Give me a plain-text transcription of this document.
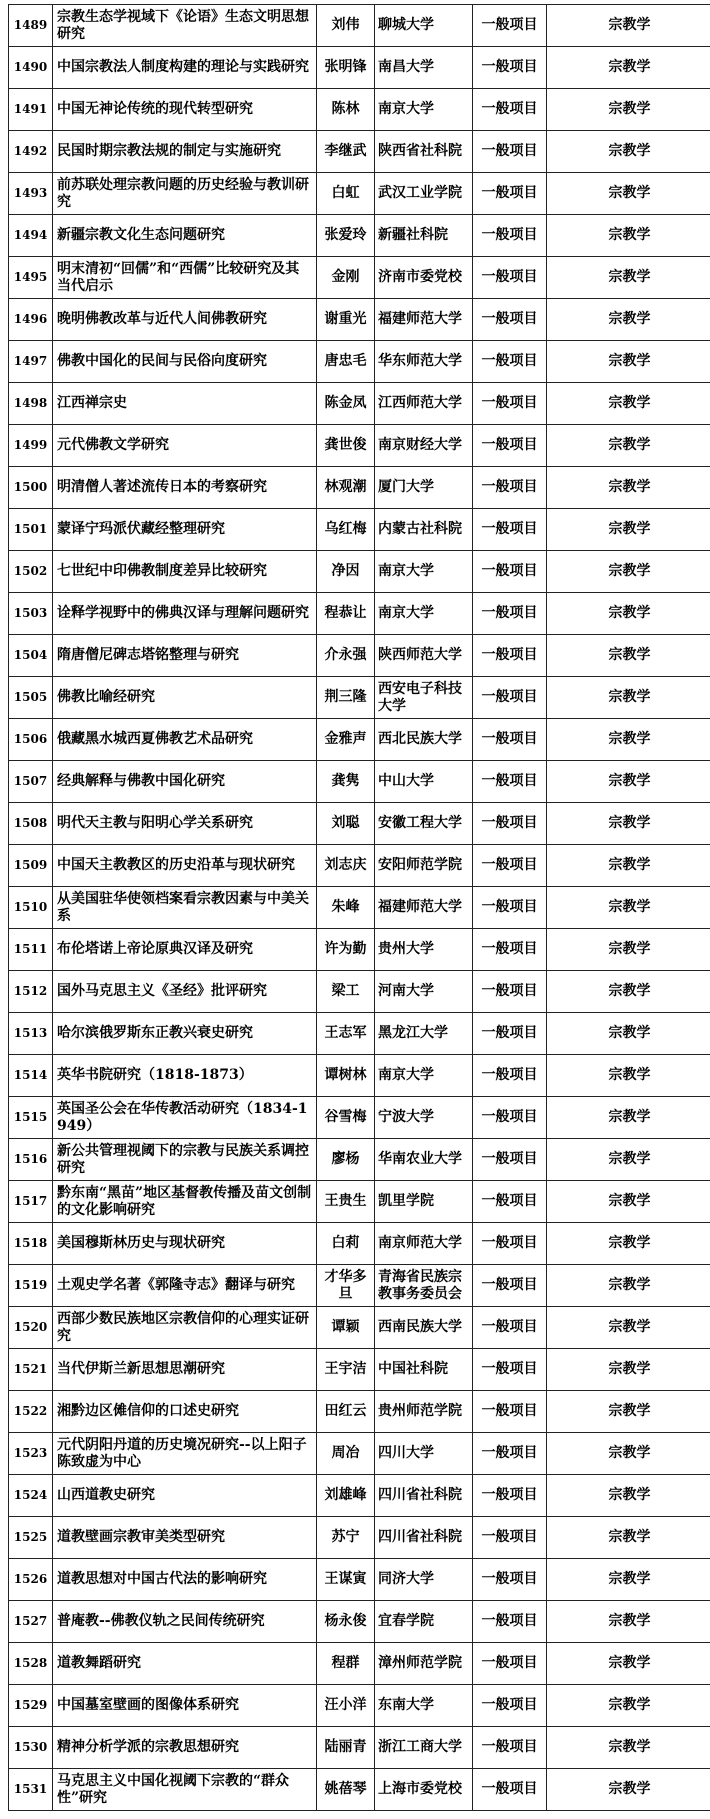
1489	宗教生态学视域下《论语》生态文明思想研究	刘伟	聊城大学	一般项目	宗教学
1490	中国宗教法人制度构建的理论与实践研究	张明锋	南昌大学	一般项目	宗教学
1491	中国无神论传统的现代转型研究	陈林	南京大学	一般项目	宗教学
1492	民国时期宗教法规的制定与实施研究	李继武	陕西省社科院	一般项目	宗教学
1493	前苏联处理宗教问题的历史经验与教训研究	白虹	武汉工业学院	一般项目	宗教学
1494	新疆宗教文化生态问题研究	张爱玲	新疆社科院	一般项目	宗教学
1495	明末清初“回儒”和“西儒”比较研究及其当代启示	金刚	济南市委党校	一般项目	宗教学
1496	晚明佛教改革与近代人间佛教研究	谢重光	福建师范大学	一般项目	宗教学
1497	佛教中国化的民间与民俗向度研究	唐忠毛	华东师范大学	一般项目	宗教学
1498	江西禅宗史	陈金凤	江西师范大学	一般项目	宗教学
1499	元代佛教文学研究	龚世俊	南京财经大学	一般项目	宗教学
1500	明清僧人著述流传日本的考察研究	林观潮	厦门大学	一般项目	宗教学
1501	蒙译宁玛派伏藏经整理研究	乌红梅	内蒙古社科院	一般项目	宗教学
1502	七世纪中印佛教制度差异比较研究	净因	南京大学	一般项目	宗教学
1503	诠释学视野中的佛典汉译与理解问题研究	程恭让	南京大学	一般项目	宗教学
1504	隋唐僧尼碑志塔铭整理与研究	介永强	陕西师范大学	一般项目	宗教学
1505	佛教比喻经研究	荆三隆	西安电子科技大学	一般项目	宗教学
1506	俄藏黑水城西夏佛教艺术品研究	金雅声	西北民族大学	一般项目	宗教学
1507	经典解释与佛教中国化研究	龚隽	中山大学	一般项目	宗教学
1508	明代天主教与阳明心学关系研究	刘聪	安徽工程大学	一般项目	宗教学
1509	中国天主教教区的历史沿革与现状研究	刘志庆	安阳师范学院	一般项目	宗教学
1510	从美国驻华使领档案看宗教因素与中美关系	朱峰	福建师范大学	一般项目	宗教学
1511	布伦塔诺上帝论原典汉译及研究	许为勤	贵州大学	一般项目	宗教学
1512	国外马克思主义《圣经》批评研究	梁工	河南大学	一般项目	宗教学
1513	哈尔滨俄罗斯东正教兴衰史研究	王志军	黑龙江大学	一般项目	宗教学
1514	英华书院研究（1818-1873）	谭树林	南京大学	一般项目	宗教学
1515	英国圣公会在华传教活动研究（1834-1949）	谷雪梅	宁波大学	一般项目	宗教学
1516	新公共管理视阈下的宗教与民族关系调控研究	廖杨	华南农业大学	一般项目	宗教学
1517	黔东南“黑苗”地区基督教传播及苗文创制的文化影响研究	王贵生	凯里学院	一般项目	宗教学
1518	美国穆斯林历史与现状研究	白莉	南京师范大学	一般项目	宗教学
1519	土观史学名著《郭隆寺志》翻译与研究	才华多旦	青海省民族宗教事务委员会	一般项目	宗教学
1520	西部少数民族地区宗教信仰的心理实证研究	谭颖	西南民族大学	一般项目	宗教学
1521	当代伊斯兰新思想思潮研究	王宇洁	中国社科院	一般项目	宗教学
1522	湘黔边区傩信仰的口述史研究	田红云	贵州师范学院	一般项目	宗教学
1523	元代阴阳丹道的历史境况研究--以上阳子陈致虚为中心	周冶	四川大学	一般项目	宗教学
1524	山西道教史研究	刘雄峰	四川省社科院	一般项目	宗教学
1525	道教壁画宗教审美类型研究	苏宁	四川省社科院	一般项目	宗教学
1526	道教思想对中国古代法的影响研究	王谋寅	同济大学	一般项目	宗教学
1527	普庵教--佛教仪轨之民间传统研究	杨永俊	宜春学院	一般项目	宗教学
1528	道教舞蹈研究	程群	漳州师范学院	一般项目	宗教学
1529	中国墓室壁画的图像体系研究	汪小洋	东南大学	一般项目	宗教学
1530	精神分析学派的宗教思想研究	陆丽青	浙江工商大学	一般项目	宗教学
1531	马克思主义中国化视阈下宗教的“群众性”研究	姚蓓琴	上海市委党校	一般项目	宗教学
